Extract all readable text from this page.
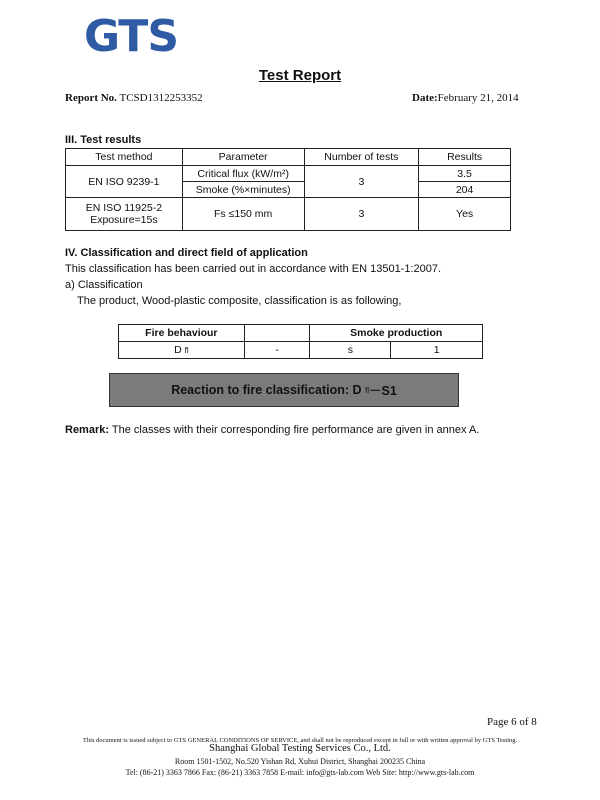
GTS
Test Report
Report No. TCSD1312253352	Date:February 21, 2014
III. Test results
Test method	Parameter	Number of tests	Results
EN ISO 9239-1	Critical flux (kW/m²)	3	3.5
	Smoke (%×minutes)		204

EN ISO 11925-2
Exposure=15s	Fs ≤150 mm	3	Yes
IV. Classification and direct field of application
This classification has been carried out in accordance with EN 13501-1:2007.
a) Classification
The product, Wood-plastic composite, classification is as following,
Fire behaviour		Smoke production	
D fl	-	s	1
Reaction to fire classification: D
fl －S1
Remark: The classes with their corresponding fire performance are given in annex A.
Page 6 of 8
This document is issued subject to GTS GENERAL CONDITIONS OF SERVICE, and shall not be reproduced except in full or with written approval by GTS Testing.
Shanghai Global Testing Services Co., Ltd.
Room 1501-1502, No.520 Yishan Rd, Xuhui District, Shanghai 200235 China
Tel: (86-21) 3363 7866 Fax: (86-21) 3363 7858 E-mail: info@gts-lab.com Web Site: http://www.gts-lab.com
